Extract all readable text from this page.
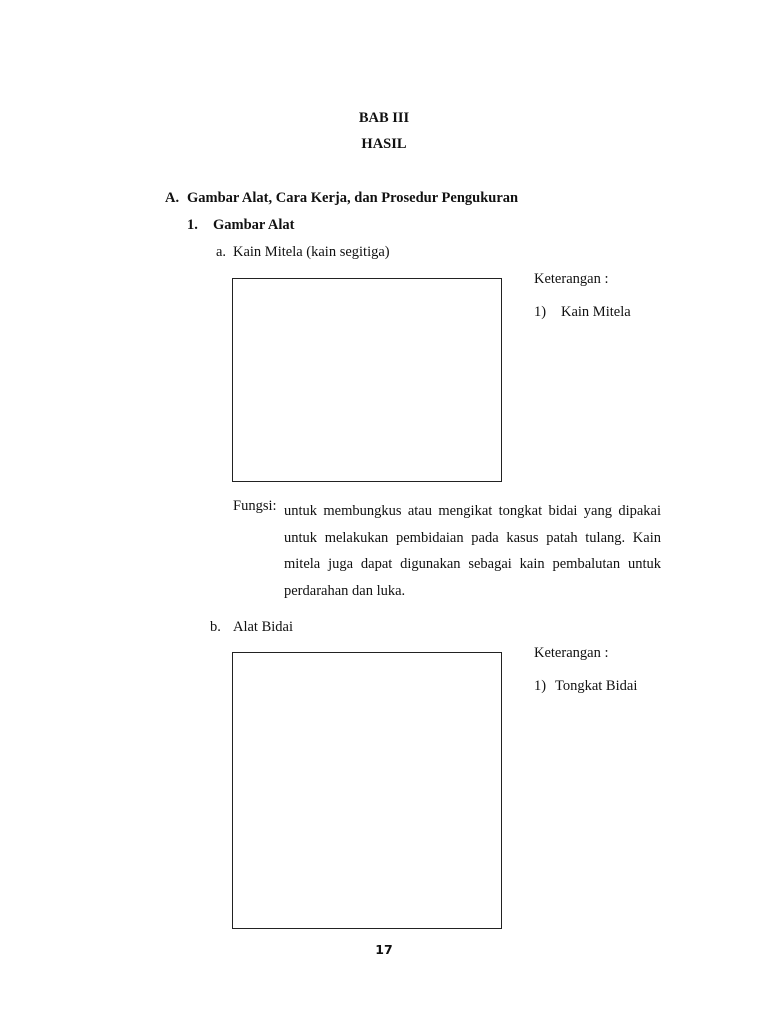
BAB III
HASIL
A. Gambar Alat, Cara Kerja, dan Prosedur Pengukuran
1. Gambar Alat
a. Kain Mitela (kain segitiga)
Keterangan :
1) Kain Mitela
Fungsi: untuk membungkus atau mengikat tongkat bidai yang dipakai untuk melakukan pembidaian pada kasus patah tulang. Kain mitela juga dapat digunakan sebagai kain pembalutan untuk perdarahan dan luka.
b. Alat Bidai
Keterangan :
1) Tongkat Bidai
17
